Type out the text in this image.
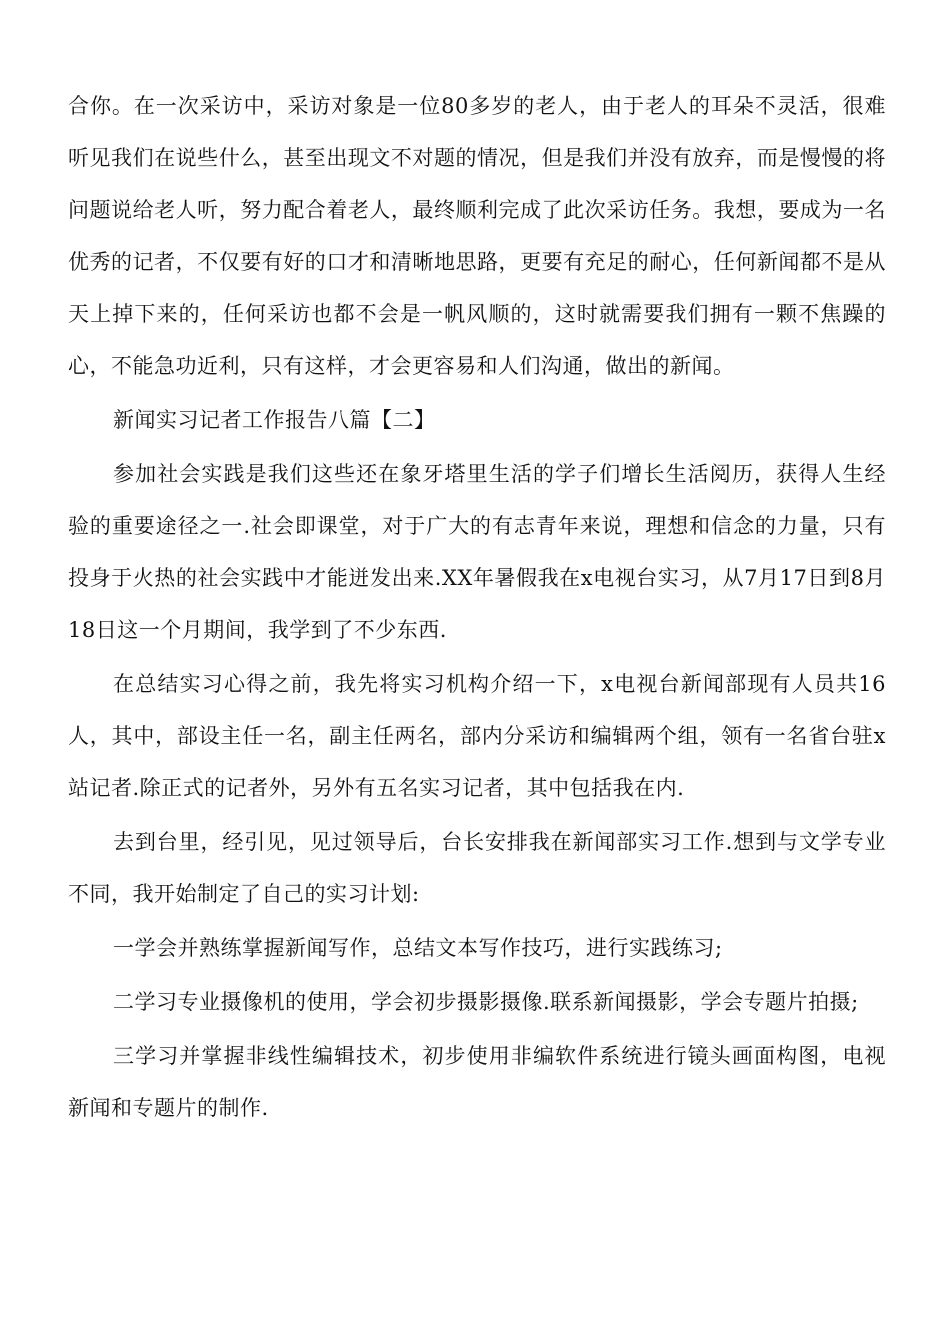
合你。在一次采访中，采访对象是一位80多岁的老人，由于老人的耳朵不灵活，很难听见我们在说些什么，甚至出现文不对题的情况，但是我们并没有放弃，而是慢慢的将问题说给老人听，努力配合着老人，最终顺利完成了此次采访任务。我想，要成为一名优秀的记者，不仅要有好的口才和清晰地思路，更要有充足的耐心，任何新闻都不是从天上掉下来的，任何采访也都不会是一帆风顺的，这时就需要我们拥有一颗不焦躁的心，不能急功近利，只有这样，才会更容易和人们沟通，做出的新闻。

新闻实习记者工作报告八篇【二】

参加社会实践是我们这些还在象牙塔里生活的学子们增长生活阅历，获得人生经验的重要途径之一.社会即课堂，对于广大的有志青年来说，理想和信念的力量，只有投身于火热的社会实践中才能迸发出来.XX年暑假我在x电视台实习，从7月17日到8月18日这一个月期间，我学到了不少东西.

在总结实习心得之前，我先将实习机构介绍一下，x电视台新闻部现有人员共16人，其中，部设主任一名，副主任两名，部内分采访和编辑两个组，领有一名省台驻x站记者.除正式的记者外，另外有五名实习记者，其中包括我在内.

去到台里，经引见，见过领导后，台长安排我在新闻部实习工作.想到与文学专业不同，我开始制定了自己的实习计划:

一学会并熟练掌握新闻写作，总结文本写作技巧，进行实践练习;

二学习专业摄像机的使用，学会初步摄影摄像.联系新闻摄影，学会专题片拍摄;

三学习并掌握非线性编辑技术，初步使用非编软件系统进行镜头画面构图，电视新闻和专题片的制作.
